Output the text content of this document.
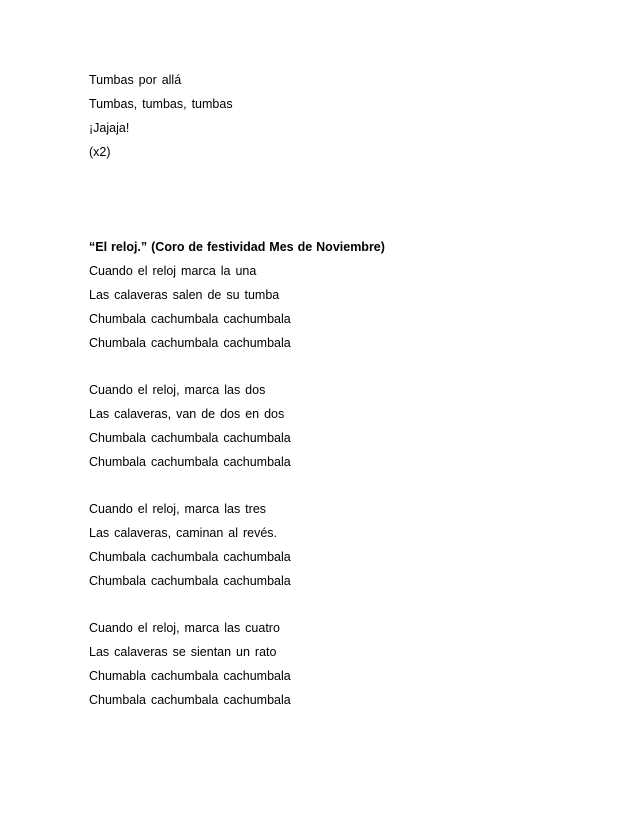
Tumbas por allá
Tumbas, tumbas, tumbas
¡Jajaja!
(x2)
“El reloj.” (Coro de festividad Mes de Noviembre)
Cuando el reloj marca la una
Las calaveras salen de su tumba
Chumbala cachumbala cachumbala
Chumbala cachumbala cachumbala
Cuando el reloj, marca las dos
Las calaveras, van de dos en dos
Chumbala cachumbala cachumbala
Chumbala cachumbala cachumbala
Cuando el reloj, marca las tres
Las calaveras, caminan al revés.
Chumbala cachumbala cachumbala
Chumbala cachumbala cachumbala
Cuando el reloj, marca las cuatro
Las calaveras se sientan un rato
Chumabla cachumbala cachumbala
Chumbala cachumbala cachumbala
